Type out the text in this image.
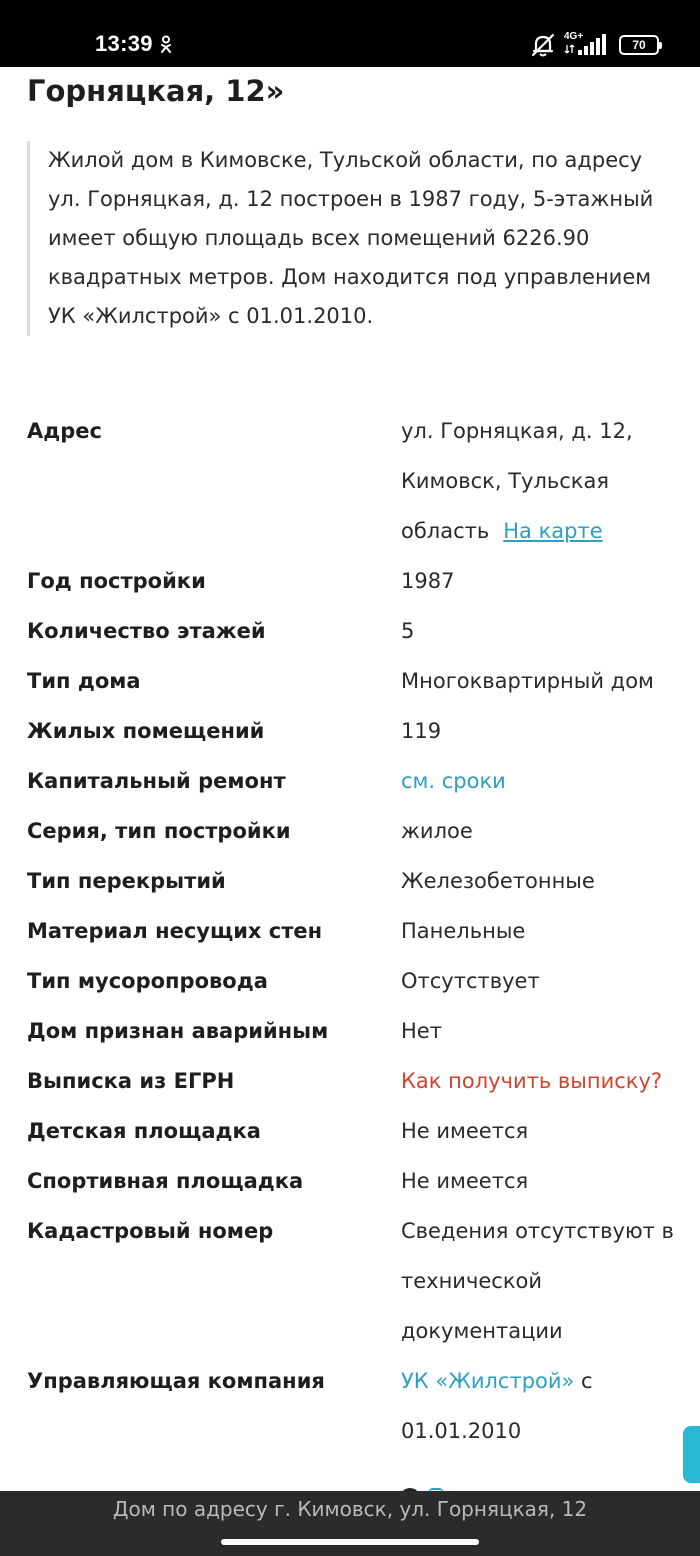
13:39	4G+
70
Горняцкая, 12»

Жилой дом в Кимовске, Тульской области, по адресу ул. Горняцкая, д. 12 построен в 1987 году, 5-этажный имеет общую площадь всех помещений 6226.90 квадратных метров. Дом находится под управлением УК «Жилстрой» с 01.01.2010.

Адрес	ул. Горняцкая, д. 12, Кимовск, Тульская область На карте
Год постройки	1987
Количество этажей	5
Тип дома	Многоквартирный дом
Жилых помещений	119
Капитальный ремонт	см. сроки
Серия, тип постройки	жилое
Тип перекрытий	Железобетонные
Материал несущих стен	Панельные
Тип мусоропровода	Отсутствует
Дом признан аварийным	Нет
Выписка из ЕГРН	Как получить выписку?
Детская площадка	Не имеется
Спортивная площадка	Не имеется
Кадастровый номер	Сведения отсутствуют в технической документации
Управляющая компания	УК «Жилстрой» с 01.01.2010
Дом по адресу г. Кимовск, ул. Горняцкая, 12
